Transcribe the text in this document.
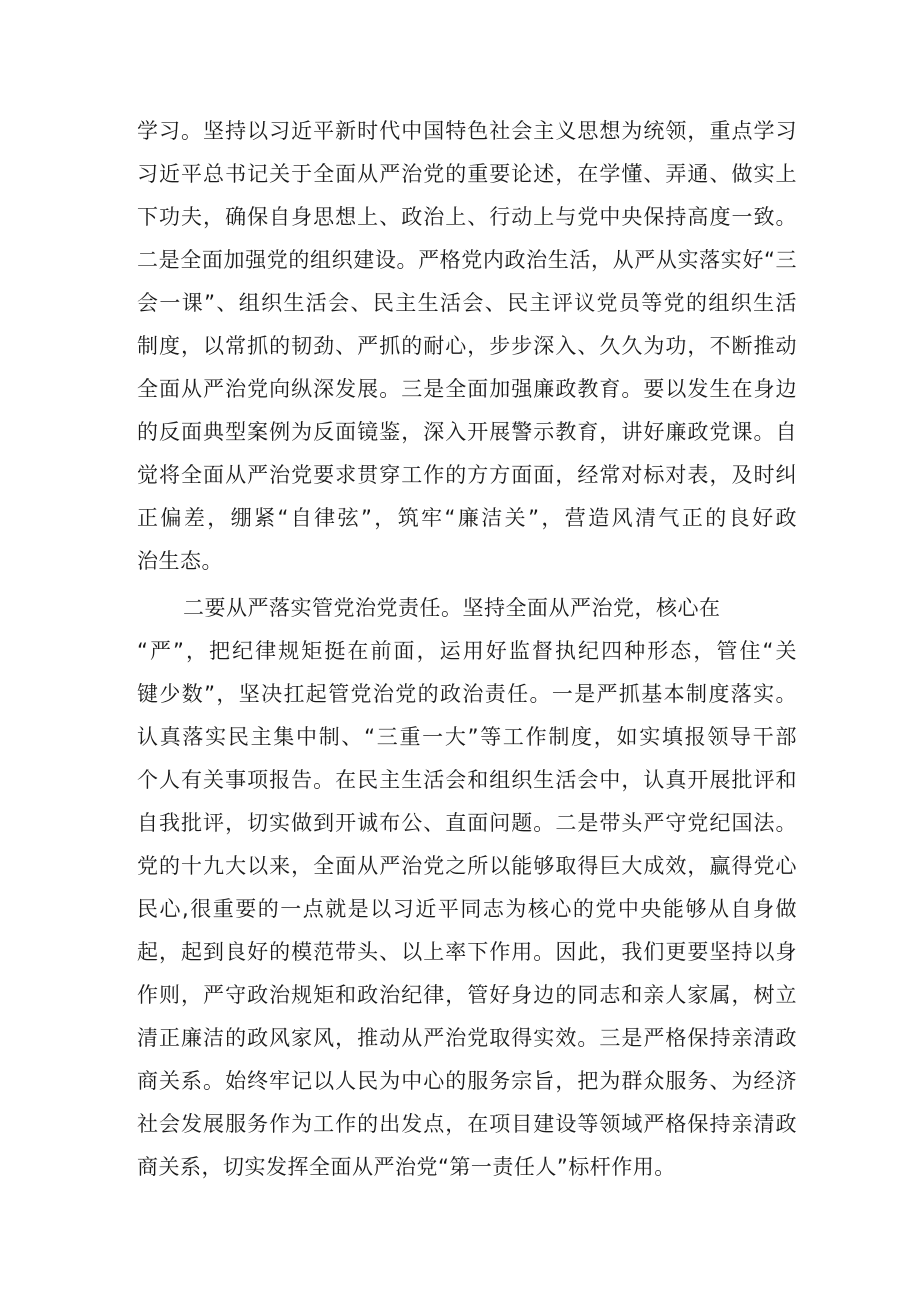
学习。坚持以习近平新时代中国特色社会主义思想为统领，重点学习
习近平总书记关于全面从严治党的重要论述，在学懂、弄通、做实上
下功夫，确保自身思想上、政治上、行动上与党中央保持高度一致。
二是全面加强党的组织建设。严格党内政治生活，从严从实落实好“三
会一课”、组织生活会、民主生活会、民主评议党员等党的组织生活
制度，以常抓的韧劲、严抓的耐心，步步深入、久久为功，不断推动
全面从严治党向纵深发展。三是全面加强廉政教育。要以发生在身边
的反面典型案例为反面镜鉴，深入开展警示教育，讲好廉政党课。自
觉将全面从严治党要求贯穿工作的方方面面，经常对标对表，及时纠
正偏差，绷紧“自律弦”，筑牢“廉洁关”，营造风清气正的良好政
治生态。
二要从严落实管党治党责任。坚持全面从严治党，核心在
“严”，把纪律规矩挺在前面，运用好监督执纪四种形态，管住“关
键少数”，坚决扛起管党治党的政治责任。一是严抓基本制度落实。
认真落实民主集中制、“三重一大”等工作制度，如实填报领导干部
个人有关事项报告。在民主生活会和组织生活会中，认真开展批评和
自我批评，切实做到开诚布公、直面问题。二是带头严守党纪国法。
党的十九大以来，全面从严治党之所以能够取得巨大成效，赢得党心
民心,很重要的一点就是以习近平同志为核心的党中央能够从自身做
起，起到良好的模范带头、以上率下作用。因此，我们更要坚持以身
作则，严守政治规矩和政治纪律，管好身边的同志和亲人家属，树立
清正廉洁的政风家风，推动从严治党取得实效。三是严格保持亲清政
商关系。始终牢记以人民为中心的服务宗旨，把为群众服务、为经济
社会发展服务作为工作的出发点，在项目建设等领域严格保持亲清政
商关系，切实发挥全面从严治党“第一责任人”标杆作用。
